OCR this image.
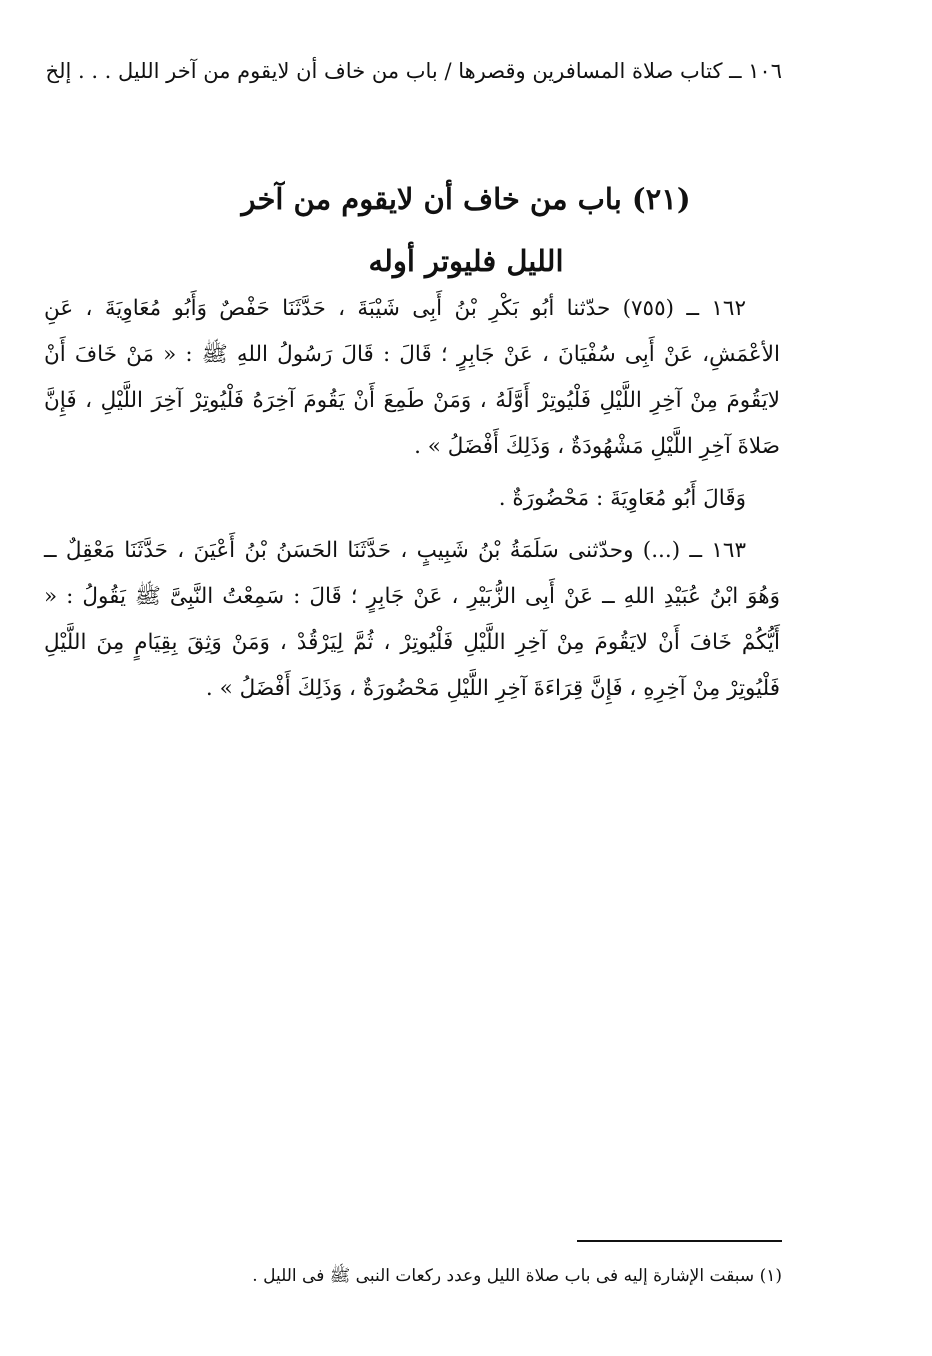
١٠٦ ــ كتاب صلاة المسافرين وقصرها / باب من خاف أن لايقوم من آخر الليل . . . إلخ
(٢١) باب من خاف أن لايقوم من آخر
الليل فليوتر أوله

١٦٢ ــ (٧٥٥) حدّثنا أبُو بَكْرِ بْنُ أَبِى شَيْبَةَ ، حَدَّثَنَا حَفْصٌ وَأَبُو مُعَاوِيَةَ ، عَنِ الأعْمَشِ، عَنْ أَبِى سُفْيَانَ ، عَنْ جَابِرٍ ؛ قَالَ : قَالَ رَسُولُ اللهِ ﷺ : « مَنْ خَافَ أَنْ لايَقُومَ مِنْ آخِرِ اللَّيْلِ فَلْيُوتِرْ أَوَّلَهُ ، وَمَنْ طَمِعَ أَنْ يَقُومَ آخِرَهُ فَلْيُوتِرْ آخِرَ اللَّيْلِ ، فَإِنَّ صَلاةَ آخِرِ اللَّيْلِ مَشْهُودَةٌ ، وَذَلِكَ أَفْضَلُ » .

وَقَالَ أَبُو مُعَاوِيَةَ : مَحْضُورَةٌ .

١٦٣ ــ (...) وحدّثنى سَلَمَةُ بْنُ شَبِيبٍ ، حَدَّثَنَا الحَسَنُ بْنُ أَعْيَنَ ، حَدَّثَنَا مَعْقِلٌ ــ وَهُوَ ابْنُ عُبَيْدِ اللهِ ــ عَنْ أَبِى الزُّبَيْرِ ، عَنْ جَابِرٍ ؛ قَالَ : سَمِعْتُ النَّبِىَّ ﷺ يَقُولُ : « أَيُّكُمْ خَافَ أَنْ لايَقُومَ مِنْ آخِرِ اللَّيْلِ فَلْيُوتِرْ ، ثُمَّ لِيَرْقُدْ ، وَمَنْ وَثِقَ بِقِيَامٍ مِنَ اللَّيْلِ فَلْيُوتِرْ مِنْ آخِرِهِ ، فَإِنَّ قِرَاءَةَ آخِرِ اللَّيْلِ مَحْضُورَةٌ ، وَذَلِكَ أَفْضَلُ » .

(١) سبقت الإشارة إليه فى باب صلاة الليل وعدد ركعات النبى ﷺ فى الليل .
